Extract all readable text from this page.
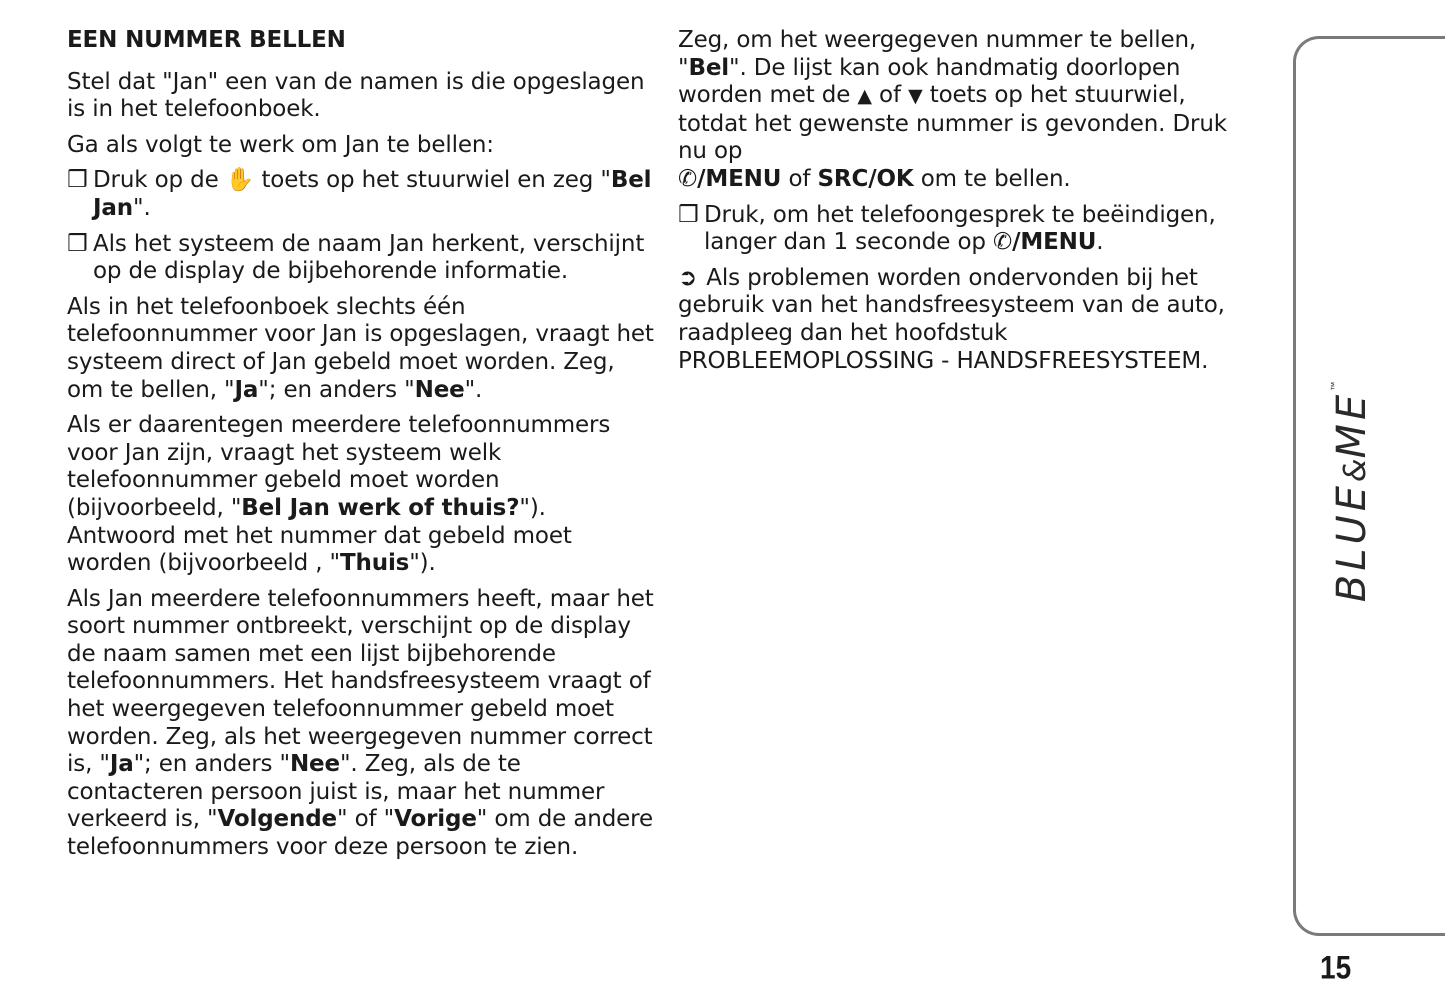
EEN NUMMER BELLEN

Stel dat "Jan" een van de namen is die opgeslagen is in het telefoonboek.

Ga als volgt te werk om Jan te bellen:

❒ Druk op de ✋ toets op het stuurwiel en zeg "Bel Jan".

❒ Als het systeem de naam Jan herkent, verschijnt op de display de bijbehorende informatie.

Als in het telefoonboek slechts één telefoonnummer voor Jan is opgeslagen, vraagt het systeem direct of Jan gebeld moet worden. Zeg, om te bellen, "Ja"; en anders "Nee".

Als er daarentegen meerdere telefoonnummers voor Jan zijn, vraagt het systeem welk telefoonnummer gebeld moet worden (bijvoorbeeld, "Bel Jan werk of thuis?"). Antwoord met het nummer dat gebeld moet worden (bijvoorbeeld , "Thuis").

Als Jan meerdere telefoonnummers heeft, maar het soort nummer ontbreekt, verschijnt op de display de naam samen met een lijst bijbehorende telefoonnummers. Het handsfreesysteem vraagt of het weergegeven telefoonnummer gebeld moet worden. Zeg, als het weergegeven nummer correct is, "Ja"; en anders "Nee". Zeg, als de te contacteren persoon juist is, maar het nummer verkeerd is, "Volgende" of "Vorige" om de andere telefoonnummers voor deze persoon te zien.

Zeg, om het weergegeven nummer te bellen, "Bel". De lijst kan ook handmatig doorlopen worden met de ▲ of ▼ toets op het stuurwiel, totdat het gewenste nummer is gevonden. Druk nu op
✆/MENU of SRC/OK om te bellen.

❒ Druk, om het telefoongesprek te beëindigen, langer dan 1 seconde op ✆/MENU.

➲ Als problemen worden ondervonden bij het gebruik van het handsfreesysteem van de auto, raadpleeg dan het hoofdstuk PROBLEEMOPLOSSING - HANDSFREESYSTEEM.

BLUE&ME™
15
